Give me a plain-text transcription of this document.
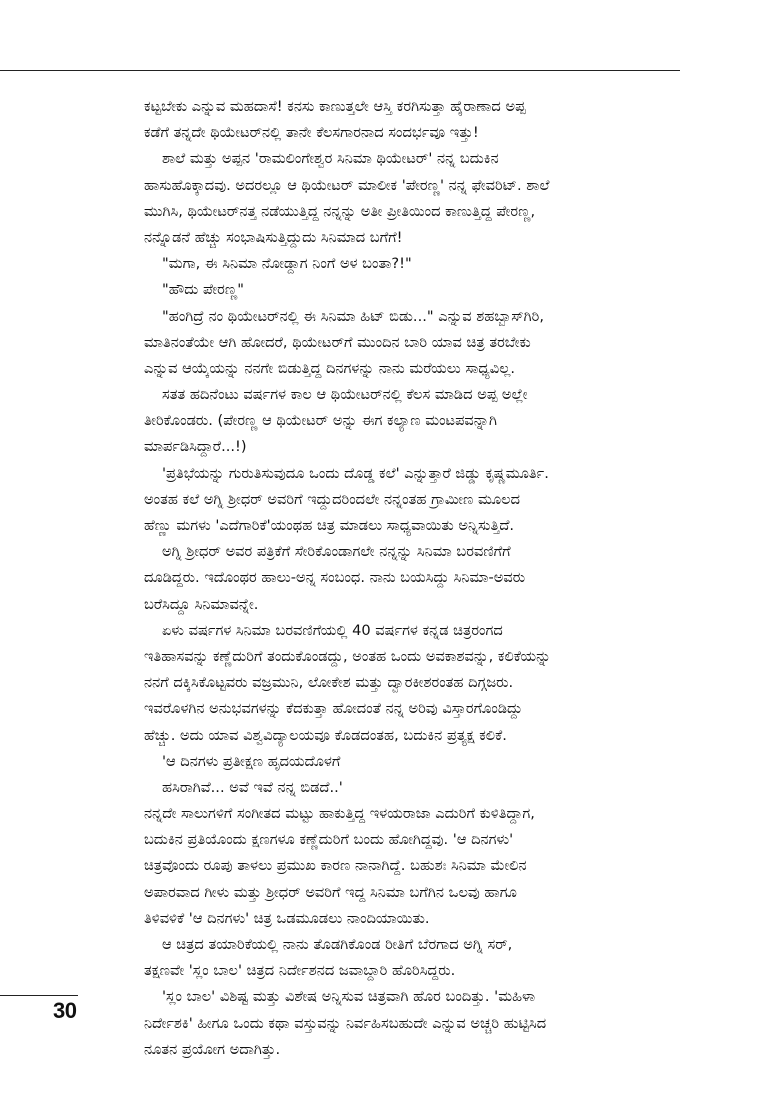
ಕಟ್ಟಬೇಕು ಎನ್ನುವ ಮಹದಾಸೆ! ಕನಸು ಕಾಣುತ್ತಲೇ ಆಸ್ತಿ ಕರಗಿಸುತ್ತಾ ಹೈರಾಣಾದ ಅಪ್ಪ
ಕಡೆಗೆ ತನ್ನದೇ ಥಿಯೇಟರ್‌ನಲ್ಲಿ ತಾನೇ ಕೆಲಸಗಾರನಾದ ಸಂದರ್ಭವೂ ಇತ್ತು!
ಶಾಲೆ ಮತ್ತು ಅಪ್ಪನ 'ರಾಮಲಿಂಗೇಶ್ವರ ಸಿನಿಮಾ ಥಿಯೇಟರ್' ನನ್ನ ಬದುಕಿನ
ಹಾಸುಹೊಕ್ಕಾದವು. ಅದರಲ್ಲೂ ಆ ಥಿಯೇಟರ್ ಮಾಲೀಕ 'ಪೇರಣ್ಣ' ನನ್ನ ಫೇವರಿಟ್. ಶಾಲೆ
ಮುಗಿಸಿ, ಥಿಯೇಟರ್‌ನತ್ತ ನಡೆಯುತ್ತಿದ್ದ ನನ್ನನ್ನು ಅತೀ ಪ್ರೀತಿಯಿಂದ ಕಾಣುತ್ತಿದ್ದ ಪೇರಣ್ಣ,
ನನ್ನೊಡನೆ ಹೆಚ್ಚು ಸಂಭಾಷಿಸುತ್ತಿದ್ದುದು ಸಿನಿಮಾದ ಬಗೆಗೆ!
"ಮಗಾ, ಈ ಸಿನಿಮಾ ನೋಡ್ದಾಗ ನಿಂಗೆ ಅಳ ಬಂತಾ?!"
"ಹೌದು ಪೇರಣ್ಣ"
"ಹಂಗಿದ್ರೆ ನಂ ಥಿಯೇಟರ್‌ನಲ್ಲಿ ಈ ಸಿನಿಮಾ ಹಿಟ್ ಬಿಡು..." ಎನ್ನುವ ಶಹಬ್ಬಾಸ್‌ಗಿರಿ,
ಮಾತಿನಂತೆಯೇ ಆಗಿ ಹೋದರೆ, ಥಿಯೇಟರ್‌ಗೆ ಮುಂದಿನ ಬಾರಿ ಯಾವ ಚಿತ್ರ ತರಬೇಕು
ಎನ್ನುವ ಆಯ್ಕೆಯನ್ನು ನನಗೇ ಬಿಡುತ್ತಿದ್ದ ದಿನಗಳನ್ನು ನಾನು ಮರೆಯಲು ಸಾಧ್ಯವಿಲ್ಲ.
ಸತತ ಹದಿನೆಂಟು ವರ್ಷಗಳ ಕಾಲ ಆ ಥಿಯೇಟರ್‌ನಲ್ಲಿ ಕೆಲಸ ಮಾಡಿದ ಅಪ್ಪ ಅಲ್ಲೇ
ತೀರಿಕೊಂಡರು. (ಪೇರಣ್ಣ ಆ ಥಿಯೇಟರ್ ಅನ್ನು ಈಗ ಕಲ್ಯಾಣ ಮಂಟಪವನ್ನಾಗಿ
ಮಾರ್ಪಡಿಸಿದ್ದಾರೆ...!)
'ಪ್ರತಿಭೆಯನ್ನು ಗುರುತಿಸುವುದೂ ಒಂದು ದೊಡ್ಡ ಕಲೆ' ಎನ್ನುತ್ತಾರೆ ಜಿಡ್ಡು ಕೃಷ್ಣಮೂರ್ತಿ.
ಅಂತಹ ಕಲೆ ಅಗ್ನಿ ಶ್ರೀಧರ್ ಅವರಿಗೆ ಇದ್ದುದರಿಂದಲೇ ನನ್ನಂತಹ ಗ್ರಾಮೀಣ ಮೂಲದ
ಹೆಣ್ಣು ಮಗಳು 'ಎದೆಗಾರಿಕೆ'ಯಂಥಹ ಚಿತ್ರ ಮಾಡಲು ಸಾಧ್ಯವಾಯಿತು ಅನ್ನಿಸುತ್ತಿದೆ.
ಅಗ್ನಿ ಶ್ರೀಧರ್ ಅವರ ಪತ್ರಿಕೆಗೆ ಸೇರಿಕೊಂಡಾಗಲೇ ನನ್ನನ್ನು ಸಿನಿಮಾ ಬರವಣಿಗೆಗೆ
ದೂಡಿದ್ದರು. ಇದೊಂಥರ ಹಾಲು-ಅನ್ನ ಸಂಬಂಧ. ನಾನು ಬಯಸಿದ್ದು ಸಿನಿಮಾ-ಅವರು
ಬರೆಸಿದ್ದೂ ಸಿನಿಮಾವನ್ನೇ.
ಏಳು ವರ್ಷಗಳ ಸಿನಿಮಾ ಬರವಣಿಗೆಯಲ್ಲಿ 40 ವರ್ಷಗಳ ಕನ್ನಡ ಚಿತ್ರರಂಗದ
ಇತಿಹಾಸವನ್ನು ಕಣ್ಣೆದುರಿಗೆ ತಂದುಕೊಂಡದ್ದು, ಅಂತಹ ಒಂದು ಅವಕಾಶವನ್ನು, ಕಲಿಕೆಯನ್ನು
ನನಗೆ ದಕ್ಕಿಸಿಕೊಟ್ಟವರು ವಜ್ರಮುನಿ, ಲೋಕೇಶ ಮತ್ತು ದ್ವಾರಕೀಶರಂತಹ ದಿಗ್ಗಜರು.
ಇವರೊಳಗಿನ ಅನುಭವಗಳನ್ನು ಕೆದಕುತ್ತಾ ಹೋದಂತೆ ನನ್ನ ಅರಿವು ವಿಸ್ತಾರಗೊಂಡಿದ್ದು
ಹೆಚ್ಚು. ಅದು ಯಾವ ವಿಶ್ವವಿದ್ಯಾಲಯವೂ ಕೊಡದಂತಹ, ಬದುಕಿನ ಪ್ರತ್ಯಕ್ಷ ಕಲಿಕೆ.
'ಆ ದಿನಗಳು ಪ್ರತೀಕ್ಷಣ ಹೃದಯದೊಳಗೆ
ಹಸಿರಾಗಿವೆ... ಅವೆ ಇವೆ ನನ್ನ ಬಿಡದೆ..'
ನನ್ನದೇ ಸಾಲುಗಳಿಗೆ ಸಂಗೀತದ ಮಟ್ಟು ಹಾಕುತ್ತಿದ್ದ ಇಳಯರಾಜಾ ಎದುರಿಗೆ ಕುಳಿತಿದ್ದಾಗ,
ಬದುಕಿನ ಪ್ರತಿಯೊಂದು ಕ್ಷಣಗಳೂ ಕಣ್ಣೆದುರಿಗೆ ಬಂದು ಹೋಗಿದ್ದವು. 'ಆ ದಿನಗಳು'
ಚಿತ್ರವೊಂದು ರೂಪು ತಾಳಲು ಪ್ರಮುಖ ಕಾರಣ ನಾನಾಗಿದ್ದೆ. ಬಹುಶಃ ಸಿನಿಮಾ ಮೇಲಿನ
ಅಪಾರವಾದ ಗೀಳು ಮತ್ತು ಶ್ರೀಧರ್ ಅವರಿಗೆ ಇದ್ದ ಸಿನಿಮಾ ಬಗೆಗಿನ ಒಲವು ಹಾಗೂ
ತಿಳಿವಳಿಕೆ 'ಆ ದಿನಗಳು' ಚಿತ್ರ ಒಡಮೂಡಲು ನಾಂದಿಯಾಯಿತು.
ಆ ಚಿತ್ರದ ತಯಾರಿಕೆಯಲ್ಲಿ ನಾನು ತೊಡಗಿಕೊಂಡ ರೀತಿಗೆ ಬೆರಗಾದ ಅಗ್ನಿ ಸರ್,
ತಕ್ಷಣವೇ 'ಸ್ಲಂ ಬಾಲ' ಚಿತ್ರದ ನಿರ್ದೇಶನದ ಜವಾಬ್ದಾರಿ ಹೊರಿಸಿದ್ದರು.
'ಸ್ಲಂ ಬಾಲ' ವಿಶಿಷ್ಟ ಮತ್ತು ವಿಶೇಷ ಅನ್ನಿಸುವ ಚಿತ್ರವಾಗಿ ಹೊರ ಬಂದಿತ್ತು. 'ಮಹಿಳಾ
ನಿರ್ದೇಶಕಿ' ಹೀಗೂ ಒಂದು ಕಥಾ ವಸ್ತುವನ್ನು ನಿರ್ವಹಿಸಬಹುದೇ ಎನ್ನುವ ಅಚ್ಚರಿ ಹುಟ್ಟಿಸಿದ
ನೂತನ ಪ್ರಯೋಗ ಅದಾಗಿತ್ತು.
30
